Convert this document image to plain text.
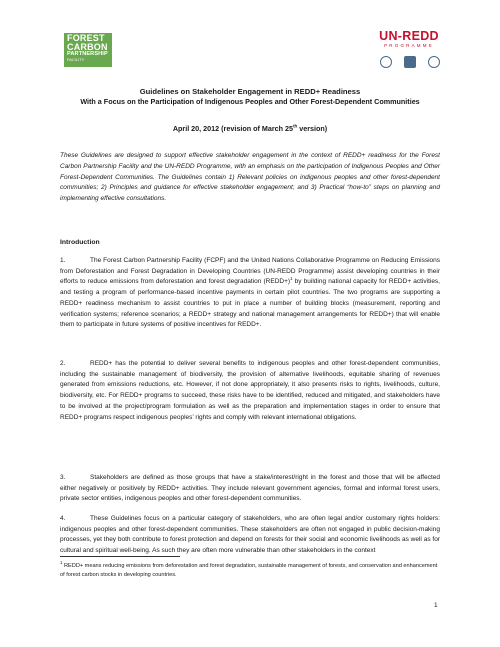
FOREST
CARBON
PARTNERSHIP
FACILITY
UN-REDD
PROGRAMME
Guidelines on Stakeholder Engagement in REDD+ Readiness
With a Focus on the Participation of Indigenous Peoples and Other Forest-Dependent Communities
April 20, 2012 (revision of March 25th version)
These Guidelines are designed to support effective stakeholder engagement in the context of REDD+ readiness for the Forest Carbon Partnership Facility and the UN-REDD Programme, with an emphasis on the participation of Indigenous Peoples and Other Forest-Dependent Communities. The Guidelines contain 1) Relevant policies on indigenous peoples and other forest-dependent communities; 2) Principles and guidance for effective stakeholder engagement; and 3) Practical “how-to” steps on planning and implementing effective consultations.
Introduction
1.	The Forest Carbon Partnership Facility (FCPF) and the United Nations Collaborative Programme on Reducing Emissions from Deforestation and Forest Degradation in Developing Countries (UN-REDD Programme) assist developing countries in their efforts to reduce emissions from deforestation and forest degradation (REDD+)$^1$ by building national capacity for REDD+ activities, and testing a program of performance-based incentive payments in certain pilot countries. The two programs are supporting a REDD+ readiness mechanism to assist countries to put in place a number of building blocks (measurement, reporting and verification systems; reference scenarios; a REDD+ strategy and national management arrangements for REDD+) that will enable them to participate in future systems of positive incentives for REDD+.
2.	REDD+ has the potential to deliver several benefits to indigenous peoples and other forest-dependent communities, including the sustainable management of biodiversity, the provision of alternative livelihoods, equitable sharing of revenues generated from emissions reductions, etc. However, if not done appropriately, it also presents risks to rights, livelihoods, culture, biodiversity, etc. For REDD+ programs to succeed, these risks have to be identified, reduced and mitigated, and stakeholders have to be involved at the project/program formulation as well as the preparation and implementation stages in order to ensure that REDD+ programs respect indigenous peoples’ rights and comply with relevant international obligations.
3.	Stakeholders are defined as those groups that have a stake/interest/right in the forest and those that will be affected either negatively or positively by REDD+ activities. They include relevant government agencies, formal and informal forest users, private sector entities, indigenous peoples and other forest-dependent communities.
4.	These Guidelines focus on a particular category of stakeholders, who are often legal and/or customary rights holders: indigenous peoples and other forest-dependent communities. These stakeholders are often not engaged in public decision-making processes, yet they both contribute to forest protection and depend on forests for their social and economic livelihoods as well as for cultural and spiritual well-being. As such they are often more vulnerable than other stakeholders in the context
$^1$ REDD+ means reducing emissions from deforestation and forest degradation, sustainable management of forests, and conservation and enhancement of forest carbon stocks in developing countries.
1
